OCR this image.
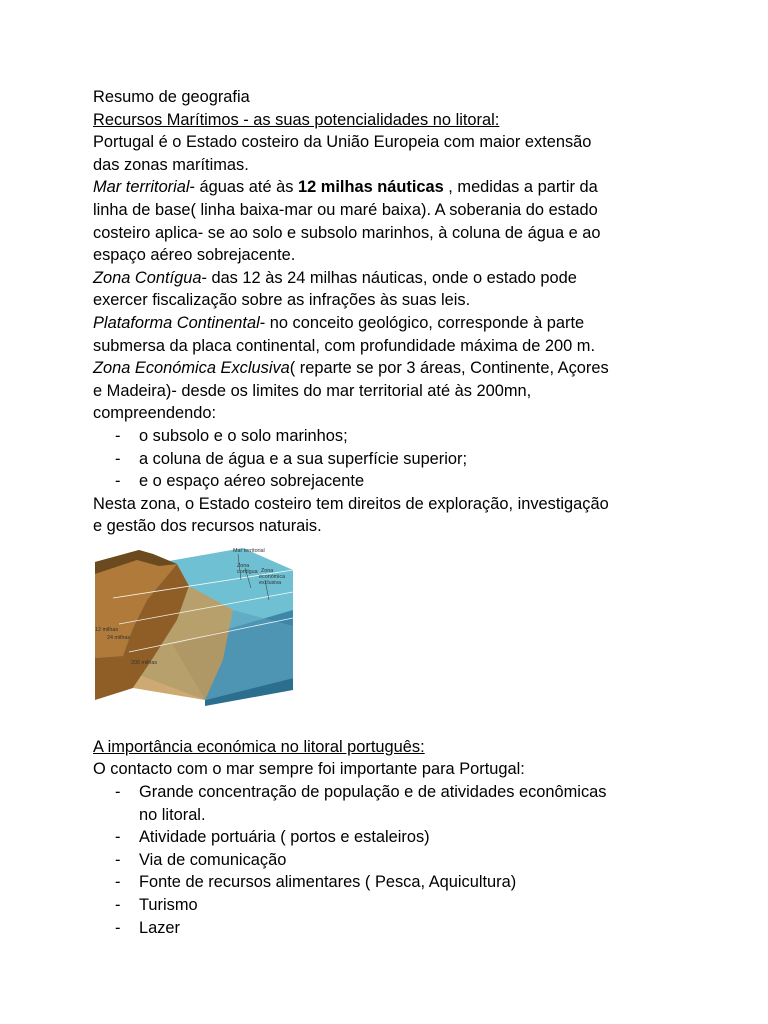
Resumo de geografia

Recursos Marítimos - as suas potencialidades no litoral:

Portugal é o Estado costeiro da União Europeia com maior extensão

das zonas marítimas.

Mar territorial- águas até às 12 milhas náuticas , medidas a partir da

linha de base( linha baixa-mar ou maré baixa). A soberania do estado

costeiro aplica- se ao solo e subsolo marinhos, à coluna de água e ao

espaço aéreo sobrejacente.

Zona Contígua- das 12 às 24 milhas náuticas, onde o estado pode

exercer fiscalização sobre as infrações às suas leis.

Plataforma Continental- no conceito geológico, corresponde à parte

submersa da placa continental, com profundidade máxima de 200 m.

Zona Económica Exclusiva( reparte se por 3 áreas, Continente, Açores

e Madeira)- desde os limites do mar territorial até às 200mn,

compreendendo:

- o subsolo e o solo marinhos;
- a coluna de água e a sua superfície superior;
- e o espaço aéreo sobrejacente

Nesta zona, o Estado costeiro tem direitos de exploração, investigação

e gestão dos recursos naturais.

Mar territorial
Zona
contígua Zona
económica
exclusiva
12 milhas
24 milhas
200 milhas

A importância económica no litoral português:

O contacto com o mar sempre foi importante para Portugal:

- Grande concentração de população e de atividades econômicas
no litoral.
- Atividade portuária ( portos e estaleiros)
- Via de comunicação
- Fonte de recursos alimentares ( Pesca, Aquicultura)
- Turismo
- Lazer
